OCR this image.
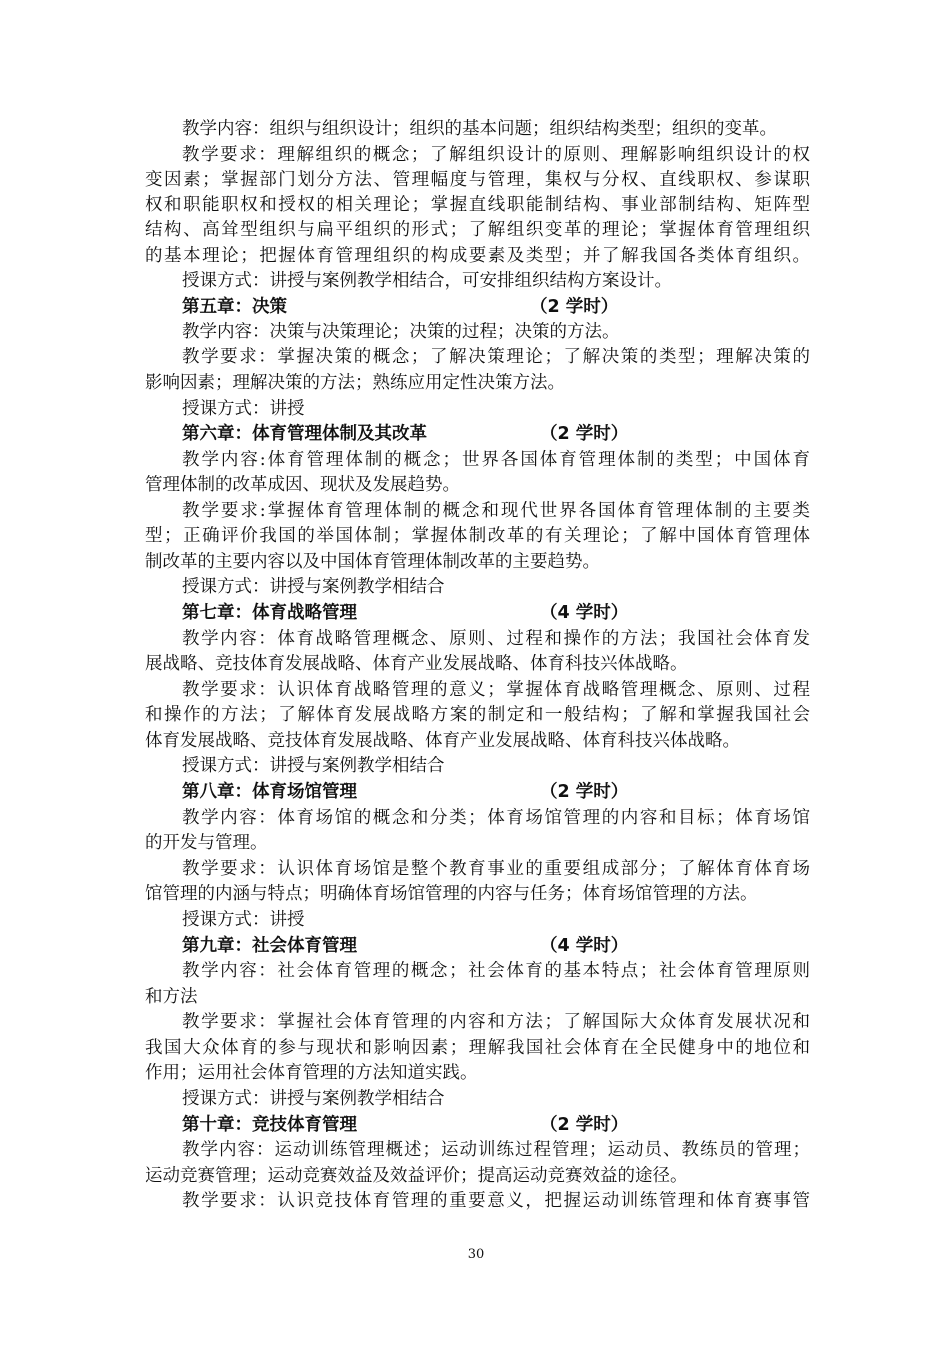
教学内容：组织与组织设计；组织的基本问题；组织结构类型；组织的变革。
教学要求：理解组织的概念；了解组织设计的原则、理解影响组织设计的权
变因素；掌握部门划分方法、管理幅度与管理，集权与分权、直线职权、参谋职
权和职能职权和授权的相关理论；掌握直线职能制结构、事业部制结构、矩阵型
结构、高耸型组织与扁平组织的形式；了解组织变革的理论；掌握体育管理组织
的基本理论；把握体育管理组织的构成要素及类型；并了解我国各类体育组织。
授课方式：讲授与案例教学相结合，可安排组织结构方案设计。
第五章：决策	（2 学时）
教学内容：决策与决策理论；决策的过程；决策的方法。
教学要求：掌握决策的概念；了解决策理论；了解决策的类型；理解决策的
影响因素；理解决策的方法；熟练应用定性决策方法。
授课方式：讲授
第六章：体育管理体制及其改革	（2 学时）
教学内容:体育管理体制的概念；世界各国体育管理体制的类型；中国体育
管理体制的改革成因、现状及发展趋势。
教学要求:掌握体育管理体制的概念和现代世界各国体育管理体制的主要类
型；正确评价我国的举国体制；掌握体制改革的有关理论；了解中国体育管理体
制改革的主要内容以及中国体育管理体制改革的主要趋势。
授课方式：讲授与案例教学相结合
第七章：体育战略管理	（4 学时）
教学内容：体育战略管理概念、原则、过程和操作的方法；我国社会体育发
展战略、竞技体育发展战略、体育产业发展战略、体育科技兴体战略。
教学要求：认识体育战略管理的意义；掌握体育战略管理概念、原则、过程
和操作的方法；了解体育发展战略方案的制定和一般结构；了解和掌握我国社会
体育发展战略、竞技体育发展战略、体育产业发展战略、体育科技兴体战略。
授课方式：讲授与案例教学相结合
第八章：体育场馆管理	（2 学时）
教学内容：体育场馆的概念和分类；体育场馆管理的内容和目标；体育场馆
的开发与管理。
教学要求：认识体育场馆是整个教育事业的重要组成部分；了解体育体育场
馆管理的内涵与特点；明确体育场馆管理的内容与任务；体育场馆管理的方法。
授课方式：讲授
第九章：社会体育管理	（4 学时）
教学内容：社会体育管理的概念；社会体育的基本特点；社会体育管理原则
和方法
教学要求：掌握社会体育管理的内容和方法；了解国际大众体育发展状况和
我国大众体育的参与现状和影响因素；理解我国社会体育在全民健身中的地位和
作用；运用社会体育管理的方法知道实践。
授课方式：讲授与案例教学相结合
第十章：竞技体育管理	（2 学时）
教学内容：运动训练管理概述；运动训练过程管理；运动员、教练员的管理；
运动竞赛管理；运动竞赛效益及效益评价；提高运动竞赛效益的途径。
教学要求：认识竞技体育管理的重要意义，把握运动训练管理和体育赛事管
30
